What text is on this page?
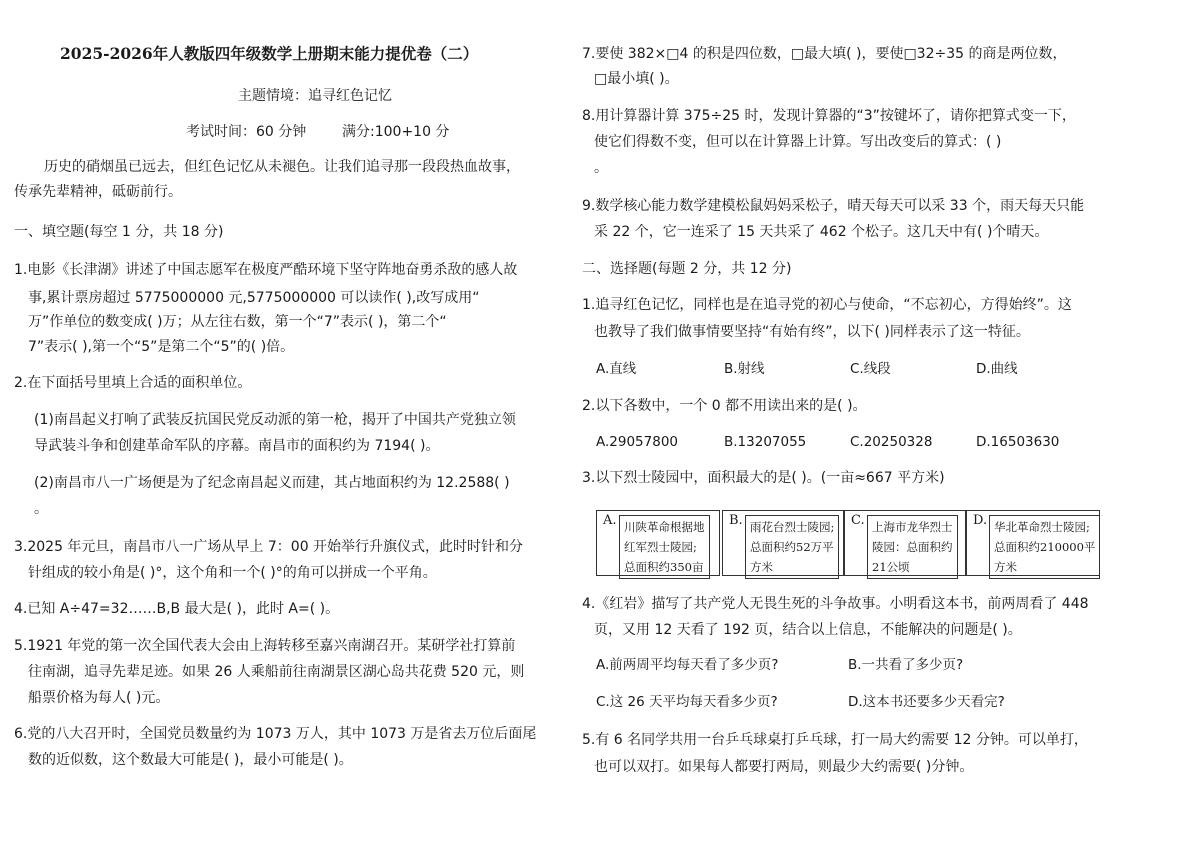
2025-2026年人教版四年级数学上册期末能力提优卷（二）
主题情境：追寻红色记忆
考试时间：60 分钟	满分:100+10 分
历史的硝烟虽已远去，但红色记忆从未褪色。让我们追寻那一段段热血故事，
传承先辈精神，砥砺前行。
一、填空题(每空 1 分，共 18 分)
1.电影《长津湖》讲述了中国志愿军在极度严酷环境下坚守阵地奋勇杀敌的感人故
事,累计票房超过 5775000000 元,5775000000 可以读作( ),改写成用“
万”作单位的数变成( )万；从左往右数，第一个“7”表示( )，第二个“
7”表示( ),第一个“5”是第二个“5”的( )倍。
2.在下面括号里填上合适的面积单位。
(1)南昌起义打响了武装反抗国民党反动派的第一枪，揭开了中国共产党独立领
导武装斗争和创建革命军队的序幕。南昌市的面积约为 7194( )。
(2)南昌市八一广场便是为了纪念南昌起义而建，其占地面积约为 12.2588( )
。
3.2025 年元旦，南昌市八一广场从早上 7：00 开始举行升旗仪式，此时时针和分
针组成的较小角是( )°，这个角和一个( )°的角可以拼成一个平角。
4.已知 A÷47=32……B,B 最大是( )，此时 A=( )。
5.1921 年党的第一次全国代表大会由上海转移至嘉兴南湖召开。某研学社打算前
往南湖，追寻先辈足迹。如果 26 人乘船前往南湖景区湖心岛共花费 520 元，则
船票价格为每人( )元。
6.党的八大召开时，全国党员数量约为 1073 万人，其中 1073 万是省去万位后面尾
数的近似数，这个数最大可能是( )，最小可能是( )。
7.要使 382×□4 的积是四位数，□最大填( )，要使□32÷35 的商是两位数，
□最小填( )。
8.用计算器计算 375÷25 时，发现计算器的“3”按键坏了，请你把算式变一下，
使它们得数不变，但可以在计算器上计算。写出改变后的算式：( )
。
9.数学核心能力数学建模松鼠妈妈采松子，晴天每天可以采 33 个，雨天每天只能
采 22 个，它一连采了 15 天共采了 462 个松子。这几天中有( )个晴天。
二、选择题(每题 2 分，共 12 分)
1.追寻红色记忆，同样也是在追寻党的初心与使命，“不忘初心，方得始终”。这
也教导了我们做事情要坚持“有始有终”，以下( )同样表示了这一特征。
A.直线	B.射线	C.线段	D.曲线
2.以下各数中，一个 0 都不用读出来的是( )。
A.29057800	B.13207055	C.20250328	D.16503630
3.以下烈士陵园中，面积最大的是( )。(一亩≈667 平方米)
A. 川陕革命根据地
红军烈士陵园;
总面积约350亩
B. 雨花台烈士陵园;
总面积约52万平
方米
C. 上海市龙华烈士
陵园：总面积约
21公顷
D. 华北革命烈士陵园;
总面积约210000平
方米
4.《红岩》描写了共产党人无畏生死的斗争故事。小明看这本书，前两周看了 448
页，又用 12 天看了 192 页，结合以上信息，不能解决的问题是( )。
A.前两周平均每天看了多少页?	B.一共看了多少页?
C.这 26 天平均每天看多少页?	D.这本书还要多少天看完?
5.有 6 名同学共用一台乒乓球桌打乒乓球，打一局大约需要 12 分钟。可以单打，
也可以双打。如果每人都要打两局，则最少大约需要( )分钟。
